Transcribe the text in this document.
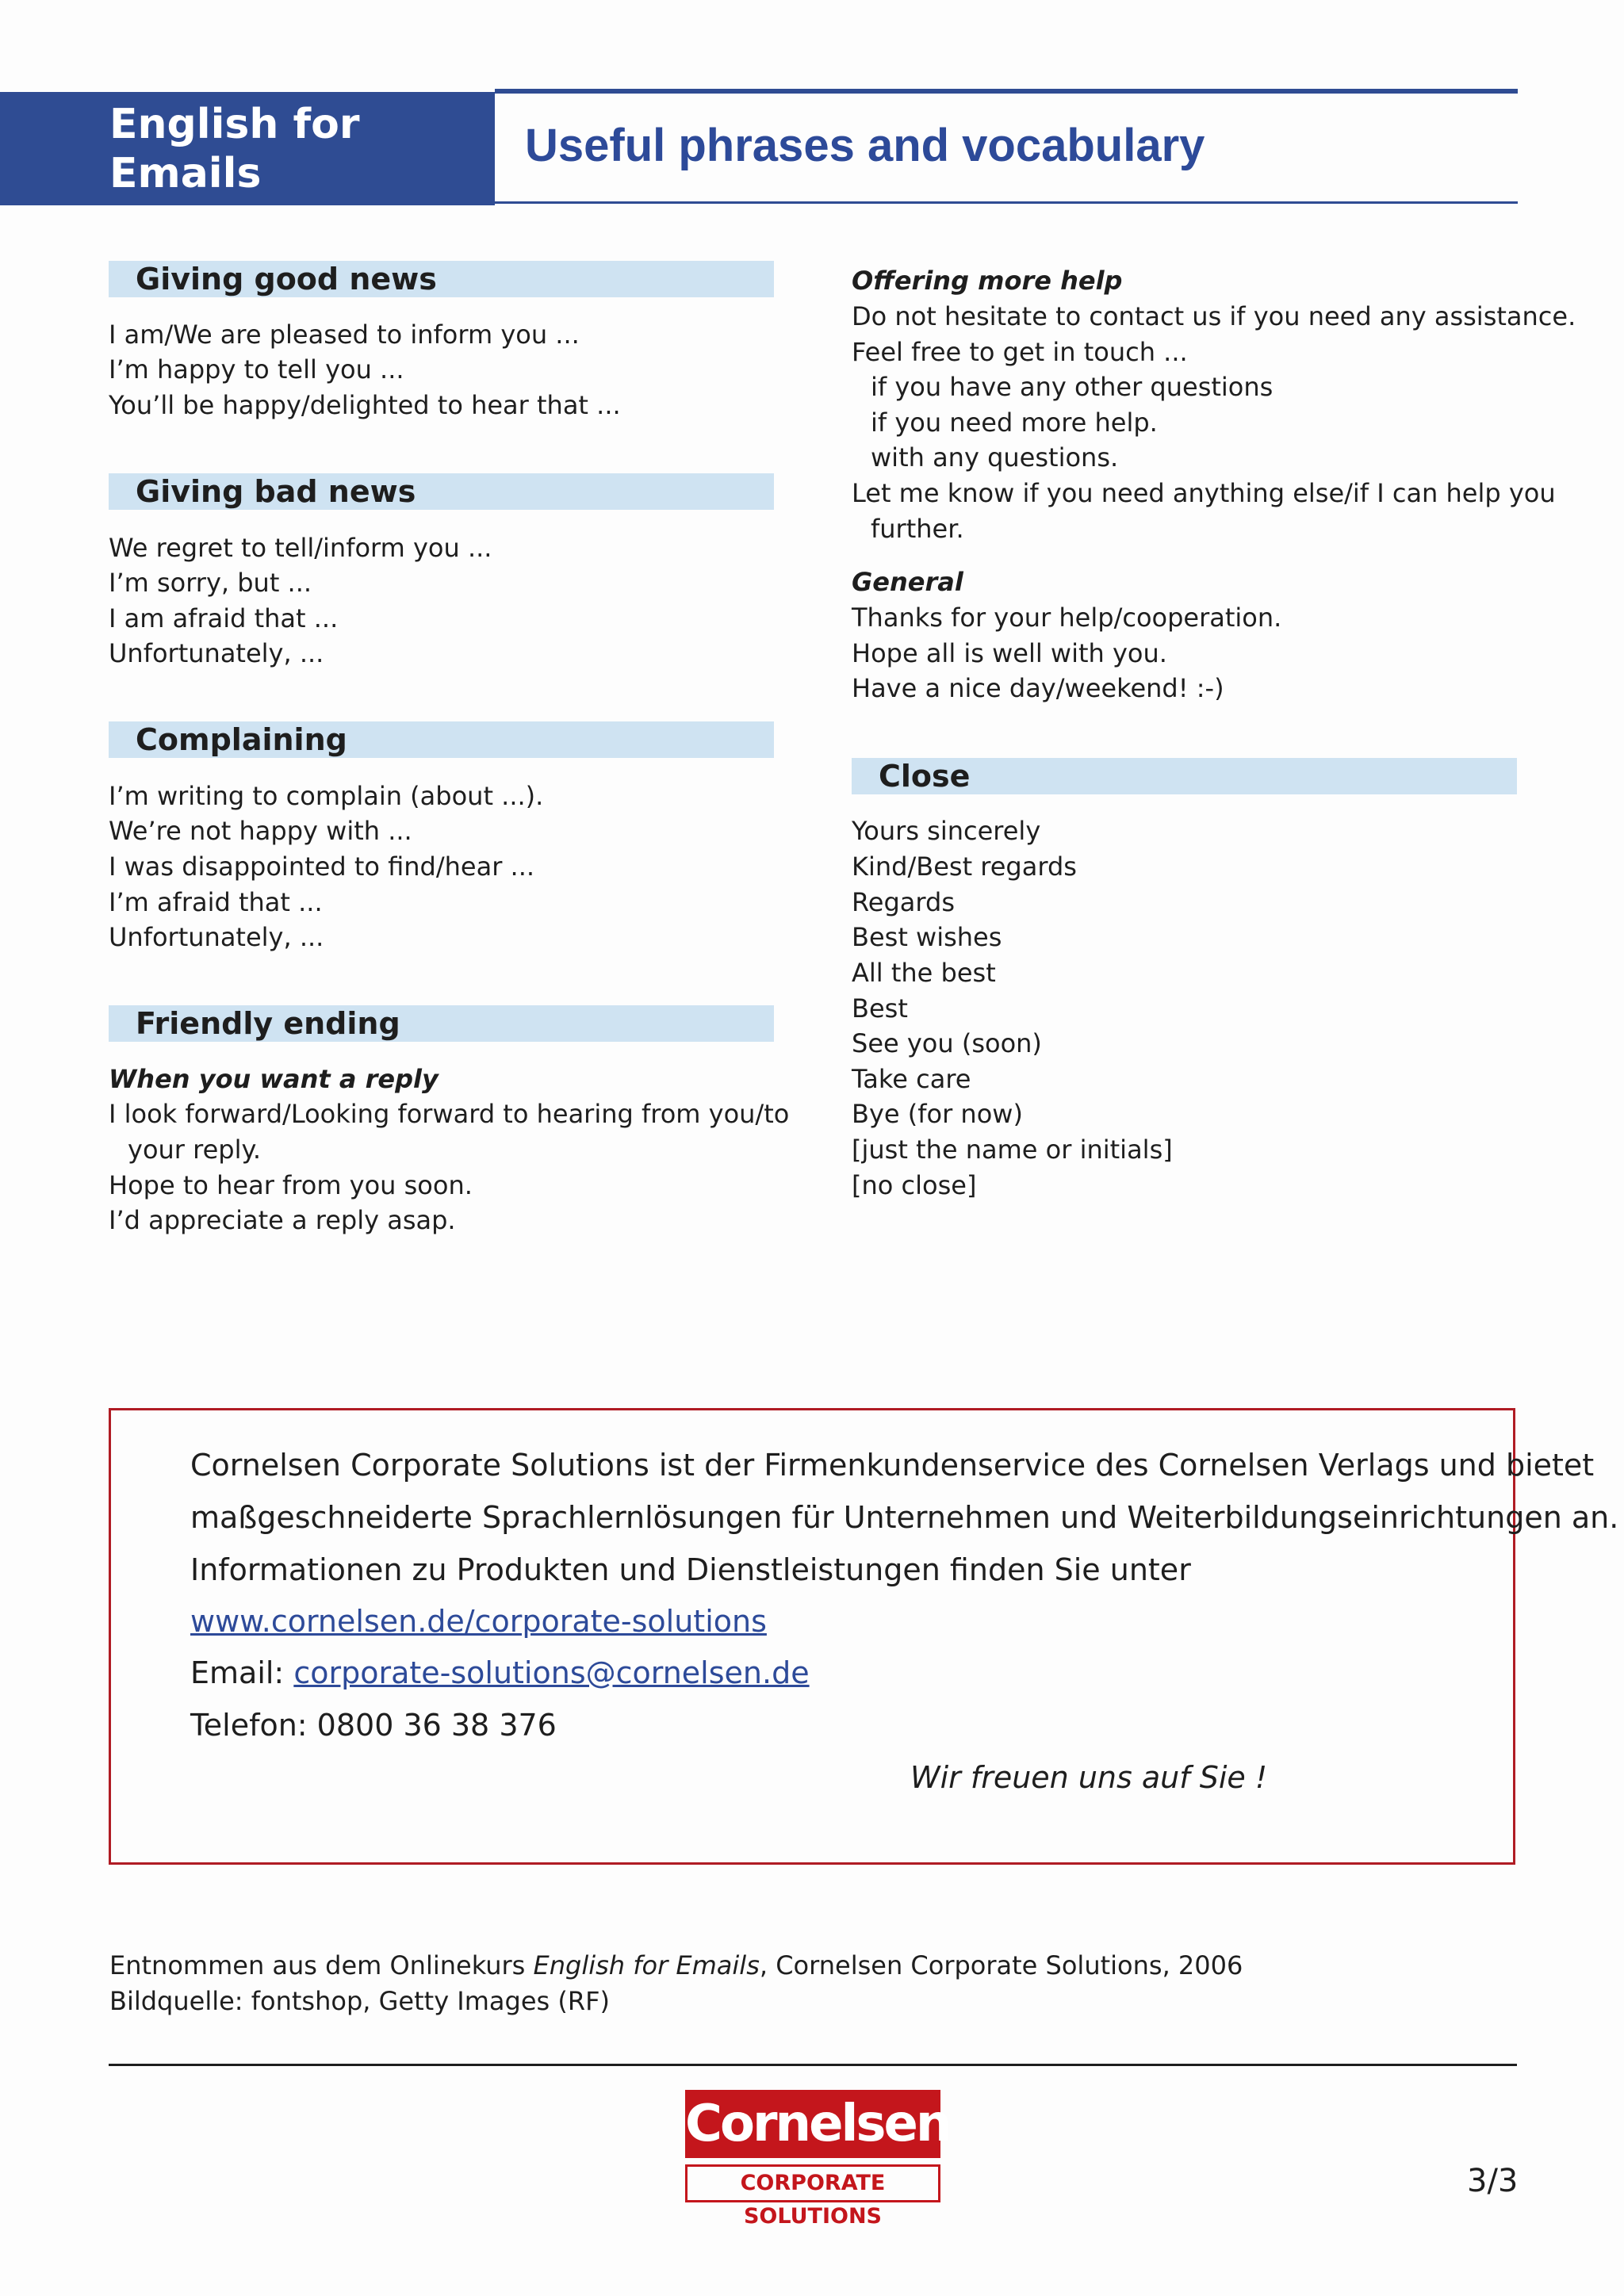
English for
Emails
Useful phrases and vocabulary
Giving good news
I am/We are pleased to inform you ...
I’m happy to tell you ...
You’ll be happy/delighted to hear that ...
Giving bad news
We regret to tell/inform you ...
I’m sorry, but ...
I am afraid that ...
Unfortunately, ...
Complaining
I’m writing to complain (about ...).
We’re not happy with ...
I was disappointed to find/hear ...
I’m afraid that ...
Unfortunately, ...
Friendly ending
When you want a reply
I look forward/Looking forward to hearing from you/to
your reply.
Hope to hear from you soon.
I’d appreciate a reply asap.
Offering more help
Do not hesitate to contact us if you need any assistance.
Feel free to get in touch ...
if you have any other questions
if you need more help.
with any questions.
Let me know if you need anything else/if I can help you
further.
General
Thanks for your help/cooperation.
Hope all is well with you.
Have a nice day/weekend! :-)
Close
Yours sincerely
Kind/Best regards
Regards
Best wishes
All the best
Best
See you (soon)
Take care
Bye (for now)
[just the name or initials]
[no close]
Cornelsen Corporate Solutions ist der Firmenkundenservice des Cornelsen Verlags und bietet
maßgeschneiderte Sprachlernlösungen für Unternehmen und Weiterbildungseinrichtungen an.
Informationen zu Produkten und Dienstleistungen finden Sie unter
www.cornelsen.de/corporate-solutions
Email: corporate-solutions@cornelsen.de
Telefon: 0800 36 38 376
Wir freuen uns auf Sie !
Entnommen aus dem Onlinekurs English for Emails, Cornelsen Corporate Solutions, 2006
Bildquelle: fontshop, Getty Images (RF)
Cornelsen
CORPORATE SOLUTIONS
3/3
